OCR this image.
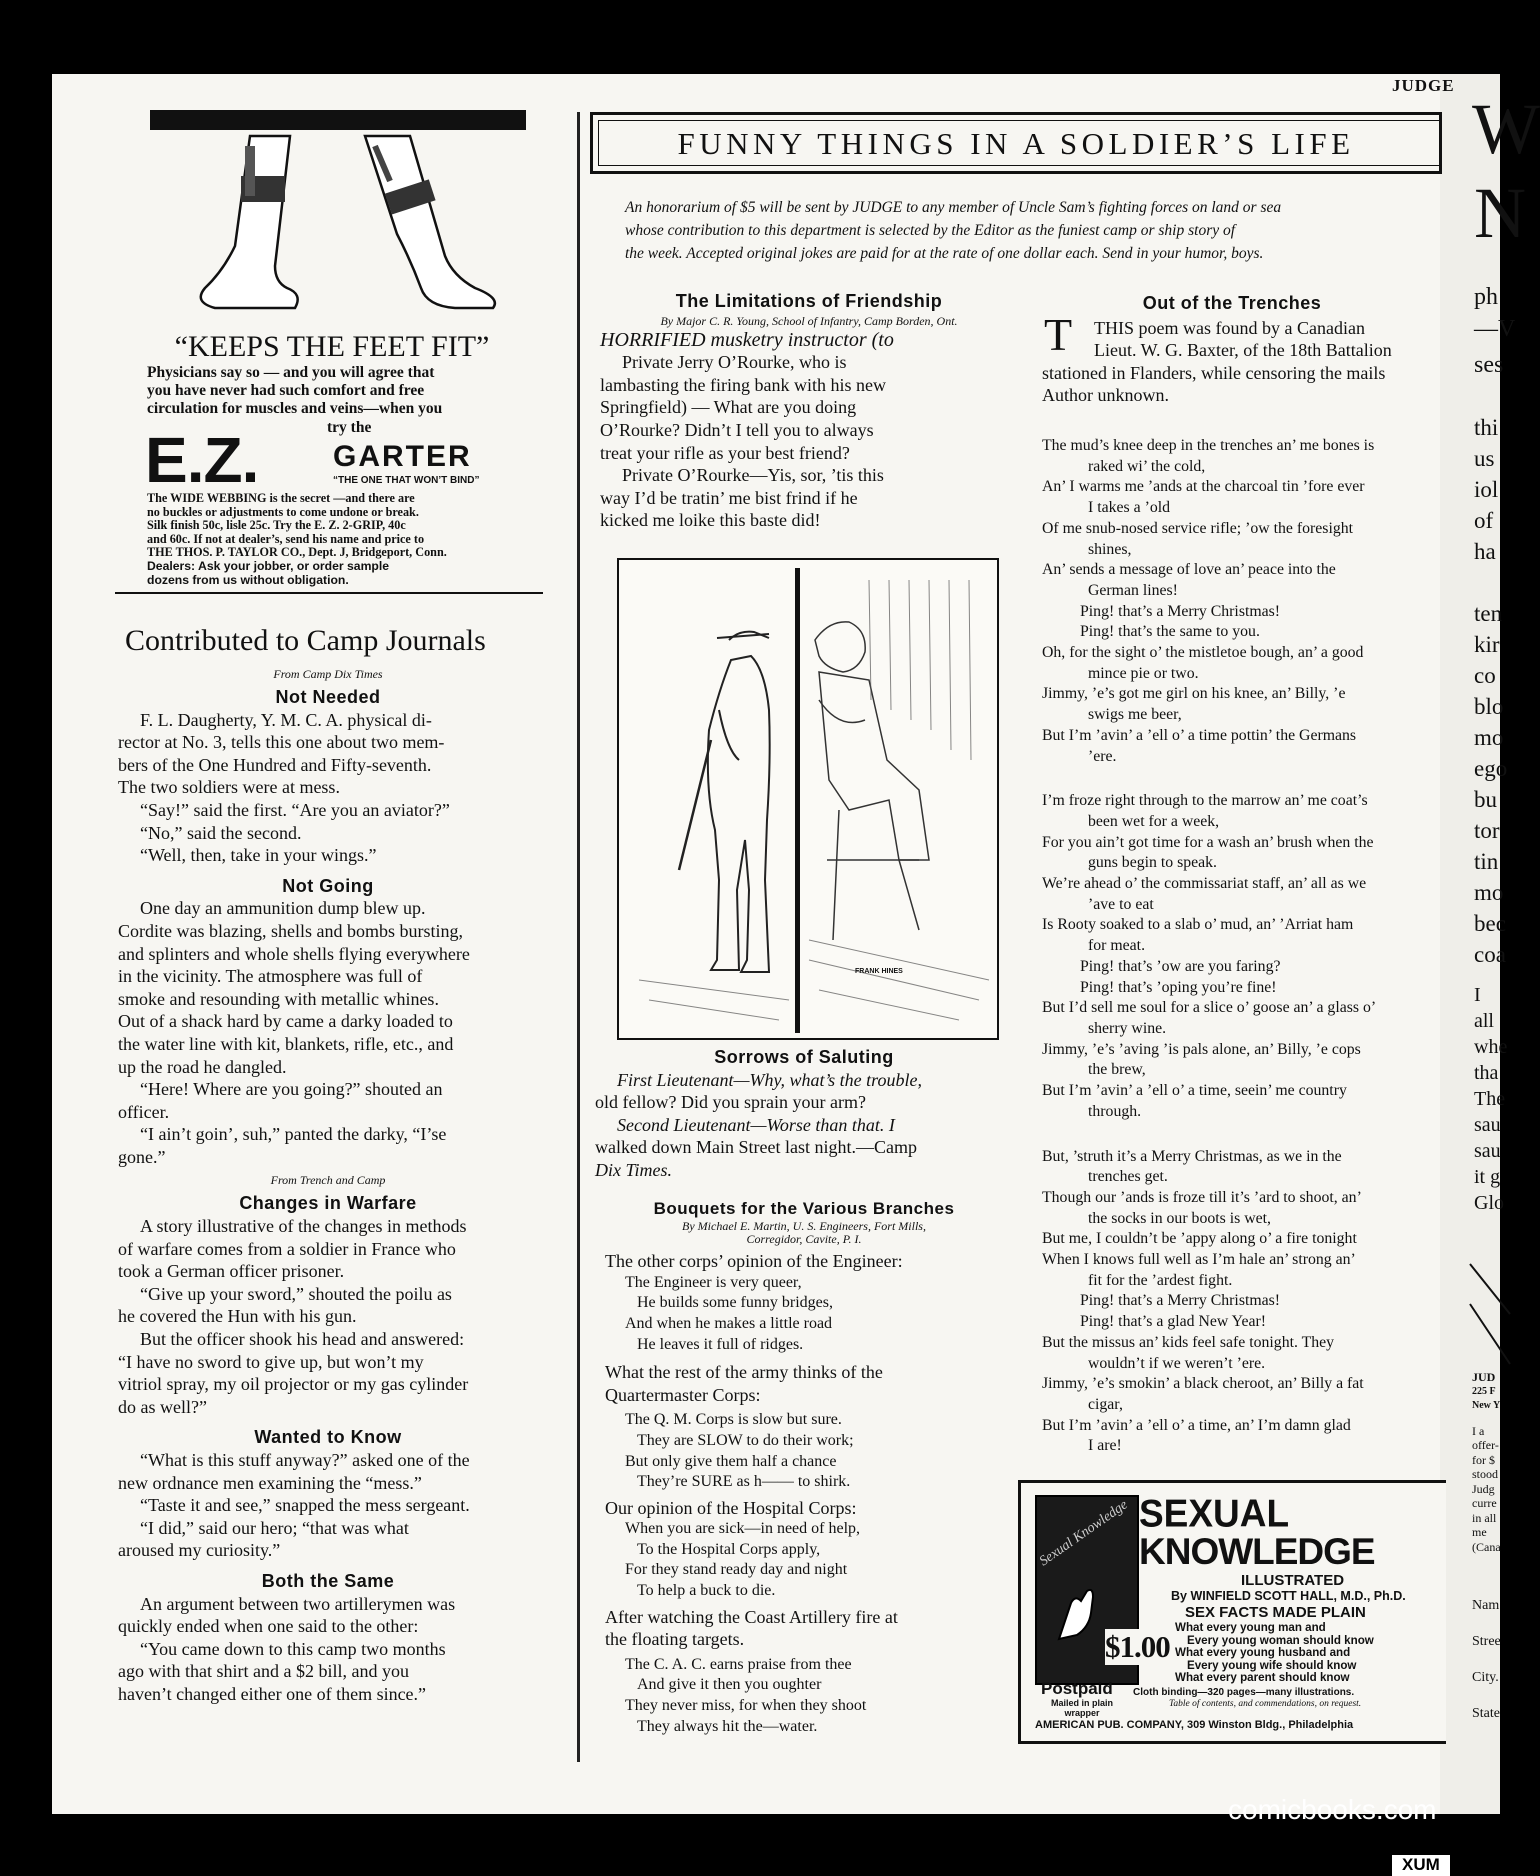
JUDGE
“KEEPS THE FEET FIT”
Physicians say so — and you will agree that
you have never had such comfort and free
circulation for muscles and veins—when you
try the
E.Z. GARTER
“THE ONE THAT WON’T BIND”
The WIDE WEBBING is the secret —and there are
no buckles or adjustments to come undone or break.
Silk finish 50c, lisle 25c. Try the E. Z. 2-GRIP, 40c
and 60c. If not at dealer’s, send his name and price to
THE THOS. P. TAYLOR CO., Dept. J, Bridgeport, Conn.
Dealers: Ask your jobber, or order sample
dozens from us without obligation.
Contributed to Camp Journals

From Camp Dix Times

Not Needed

F. L. Daugherty, Y. M. C. A. physical di-

rector at No. 3, tells this one about two mem-

bers of the One Hundred and Fifty-seventh.

The two soldiers were at mess.

“Say!” said the first. “Are you an aviator?”

“No,” said the second.

“Well, then, take in your wings.”

Not Going

One day an ammunition dump blew up.

Cordite was blazing, shells and bombs bursting,

and splinters and whole shells flying everywhere

in the vicinity. The atmosphere was full of

smoke and resounding with metallic whines.

Out of a shack hard by came a darky loaded to

the water line with kit, blankets, rifle, etc., and

up the road he dangled.

“Here! Where are you going?” shouted an

officer.

“I ain’t goin’, suh,” panted the darky, “I’se

gone.”

From Trench and Camp

Changes in Warfare

A story illustrative of the changes in methods

of warfare comes from a soldier in France who

took a German officer prisoner.

“Give up your sword,” shouted the poilu as

he covered the Hun with his gun.

But the officer shook his head and answered:

“I have no sword to give up, but won’t my

vitriol spray, my oil projector or my gas cylinder

do as well?”

Wanted to Know

“What is this stuff anyway?” asked one of the

new ordnance men examining the “mess.”

“Taste it and see,” snapped the mess sergeant.

“I did,” said our hero; “that was what

aroused my curiosity.”

Both the Same

An argument between two artillerymen was

quickly ended when one said to the other:

“You came down to this camp two months

ago with that shirt and a $2 bill, and you

haven’t changed either one of them since.”

FUNNY THINGS IN A SOLDIER’S LIFE

An honorarium of $5 will be sent by JUDGE to any member of Uncle Sam’s fighting forces on land or sea

whose contribution to this department is selected by the Editor as the funiest camp or ship story of

the week. Accepted original jokes are paid for at the rate of one dollar each. Send in your humor, boys.

The Limitations of Friendship

By Major C. R. Young, School of Infantry, Camp Borden, Ont.

HORRIFIED musketry instructor (to

Private Jerry O’Rourke, who is

lambasting the firing bank with his new

Springfield) — What are you doing

O’Rourke? Didn’t I tell you to always

treat your rifle as your best friend?

Private O’Rourke—Yis, sor, ’tis this

way I’d be tratin’ me bist frind if he

kicked me loike this baste did!

FRANK HINES

Sorrows of Saluting

First Lieutenant—Why, what’s the trouble,

old fellow? Did you sprain your arm?

Second Lieutenant—Worse than that. I

walked down Main Street last night.—Camp

Dix Times.

Bouquets for the Various Branches

By Michael E. Martin, U. S. Engineers, Fort Mills,

Corregidor, Cavite, P. I.

The other corps’ opinion of the Engineer:

The Engineer is very queer,

He builds some funny bridges,

And when he makes a little road

He leaves it full of ridges.

What the rest of the army thinks of the

Quartermaster Corps:

The Q. M. Corps is slow but sure.

They are SLOW to do their work;

But only give them half a chance

They’re SURE as h—— to shirk.

Our opinion of the Hospital Corps:

When you are sick—in need of help,

To the Hospital Corps apply,

For they stand ready day and night

To help a buck to die.

After watching the Coast Artillery fire at

the floating targets.

The C. A. C. earns praise from thee

And give it then you oughter

They never miss, for when they shoot

They always hit the—water.

Out of the Trenches

THIS poem was found by a Canadian

Lieut. W. G. Baxter, of the 18th Battalion

stationed in Flanders, while censoring the mails

Author unknown.

T

The mud’s knee deep in the trenches an’ me bones is

raked wi’ the cold,

An’ I warms me ’ands at the charcoal tin ’fore ever

I takes a ’old

Of me snub-nosed service rifle; ’ow the foresight

shines,

An’ sends a message of love an’ peace into the

German lines!

Ping! that’s a Merry Christmas!

Ping! that’s the same to you.

Oh, for the sight o’ the mistletoe bough, an’ a good

mince pie or two.

Jimmy, ’e’s got me girl on his knee, an’ Billy, ’e

swigs me beer,

But I’m ’avin’ a ’ell o’ a time pottin’ the Germans

’ere.

I’m froze right through to the marrow an’ me coat’s

been wet for a week,

For you ain’t got time for a wash an’ brush when the

guns begin to speak.

We’re ahead o’ the commissariat staff, an’ all as we

’ave to eat

Is Rooty soaked to a slab o’ mud, an’ ’Arriat ham

for meat.

Ping! that’s ’ow are you faring?

Ping! that’s ’oping you’re fine!

But I’d sell me soul for a slice o’ goose an’ a glass o’

sherry wine.

Jimmy, ’e’s ’aving ’is pals alone, an’ Billy, ’e cops

the brew,

But I’m ’avin’ a ’ell o’ a time, seein’ me country

through.

But, ’struth it’s a Merry Christmas, as we in the

trenches get.

Though our ’ands is froze till it’s ’ard to shoot, an’

the socks in our boots is wet,

But me, I couldn’t be ’appy along o’ a fire tonight

When I knows full well as I’m hale an’ strong an’

fit for the ’ardest fight.

Ping! that’s a Merry Christmas!

Ping! that’s a glad New Year!

But the missus an’ kids feel safe tonight. They

wouldn’t if we weren’t ’ere.

Jimmy, ’e’s smokin’ a black cheroot, an’ Billy a fat

cigar,

But I’m ’avin’ a ’ell o’ a time, an’ I’m damn glad

I are!

Sexual Knowledge
$1.00
Postpaid
Mailed in plain
wrapper
SEXUAL
KNOWLEDGE
ILLUSTRATED
By WINFIELD SCOTT HALL, M.D., Ph.D.
SEX FACTS MADE PLAIN
What every young man and
Every young woman should know
What every young husband and
Every young wife should know
What every parent should know
Cloth binding—320 pages—many illustrations.
Table of contents, and commendations, on request.
AMERICAN PUB. COMPANY, 309 Winston Bldg., Philadelphia
W
N
ph
—V
ses
thi
us
iol
of
ha
ten
kir
co
blo
mo
ego
bu
tor
tin
mo
bec
coa
I
all
whe
tha
The
sau
sau
it g
Glo
JUD
225 F
New Y
I a
offer-
for $
stood
Judg
curre
in all
me
(Cana
Nam
Stree
City.
State
comicbooks.com
XUM
